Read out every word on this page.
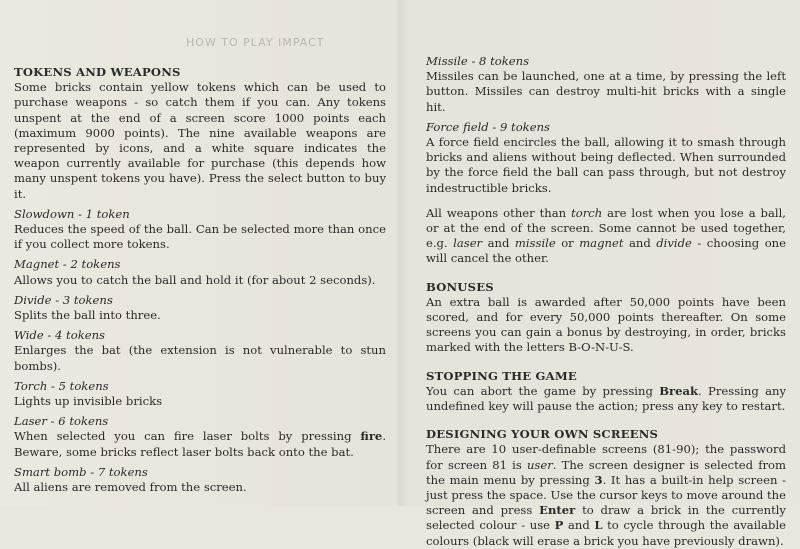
HOW TO PLAY IMPACT
TOKENS AND WEAPONS

Some bricks contain yellow tokens which can be used to purchase weapons - so catch them if you can. Any tokens unspent at the end of a screen score 1000 points each (maximum 9000 points). The nine available weapons are represented by icons, and a white square indicates the weapon currently available for purchase (this depends how many unspent tokens you have). Press the select button to buy it.

Slowdown - 1 token

Reduces the speed of the ball. Can be selected more than once if you collect more tokens.

Magnet - 2 tokens

Allows you to catch the ball and hold it (for about 2 seconds).

Divide - 3 tokens

Splits the ball into three.

Wide - 4 tokens

Enlarges the bat (the extension is not vulnerable to stun bombs).

Torch - 5 tokens

Lights up invisible bricks

Laser - 6 tokens

When selected you can fire laser bolts by pressing fire. Beware, some bricks reflect laser bolts back onto the bat.

Smart bomb - 7 tokens

All aliens are removed from the screen.

Missile - 8 tokens

Missiles can be launched, one at a time, by pressing the left button. Missiles can destroy multi-hit bricks with a single hit.

Force field - 9 tokens

A force field encircles the ball, allowing it to smash through bricks and aliens without being deflected. When surrounded by the force field the ball can pass through, but not destroy indestructible bricks.

All weapons other than torch are lost when you lose a ball, or at the end of the screen. Some cannot be used together, e.g. laser and missile or magnet and divide - choosing one will cancel the other.

BONUSES

An extra ball is awarded after 50,000 points have been scored, and for every 50,000 points thereafter. On some screens you can gain a bonus by destroying, in order, bricks marked with the letters B-O-N-U-S.

STOPPING THE GAME

You can abort the game by pressing Break. Pressing any undefined key will pause the action; press any key to restart.

DESIGNING YOUR OWN SCREENS

There are 10 user-definable screens (81-90); the password for screen 81 is user. The screen designer is selected from the main menu by pressing 3. It has a built-in help screen - just press the space. Use the cursor keys to move around the screen and press Enter to draw a brick in the currently selected colour - use P and L to cycle through the available colours (black will erase a brick you have previously drawn).
